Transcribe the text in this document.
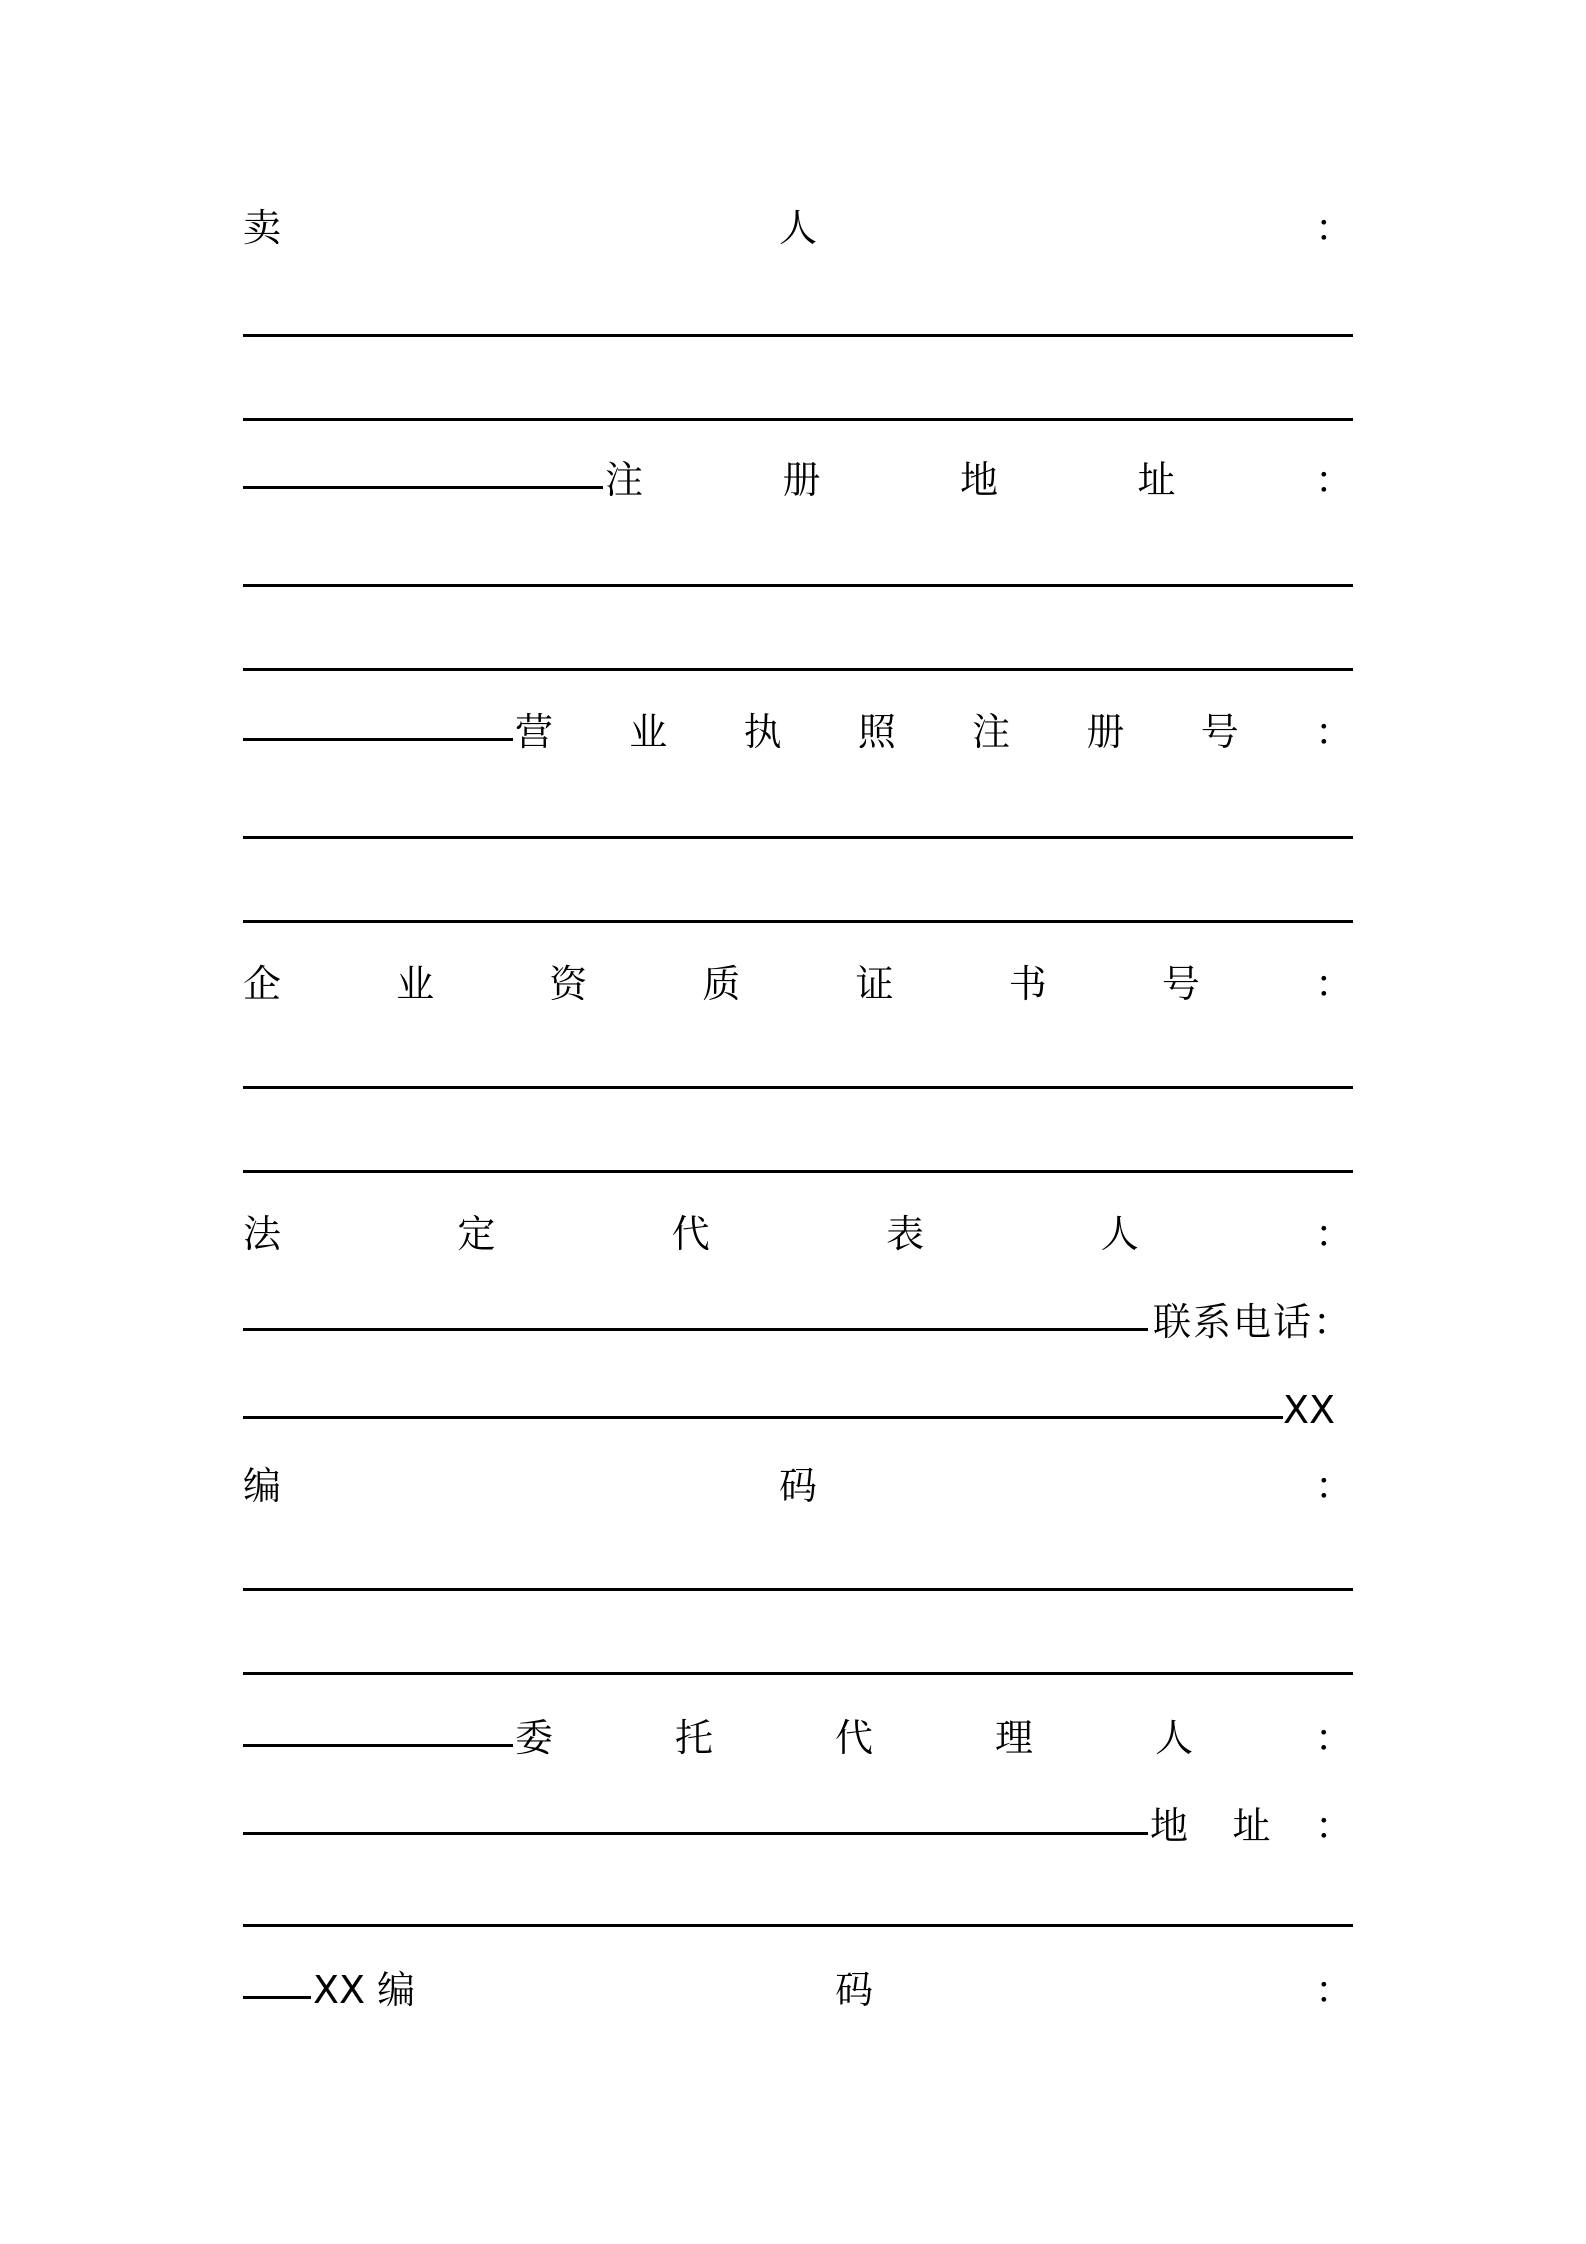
卖	人	：
注	册	地	址	：
营 业 执 照 注 册 号 ：
企	业	资	质	证	书	号	：
法	定	代	表	人	：
联系电话：
XX
编	码	：
委	托	代	理	人	：
地 址 ：
XX 编	码	：
